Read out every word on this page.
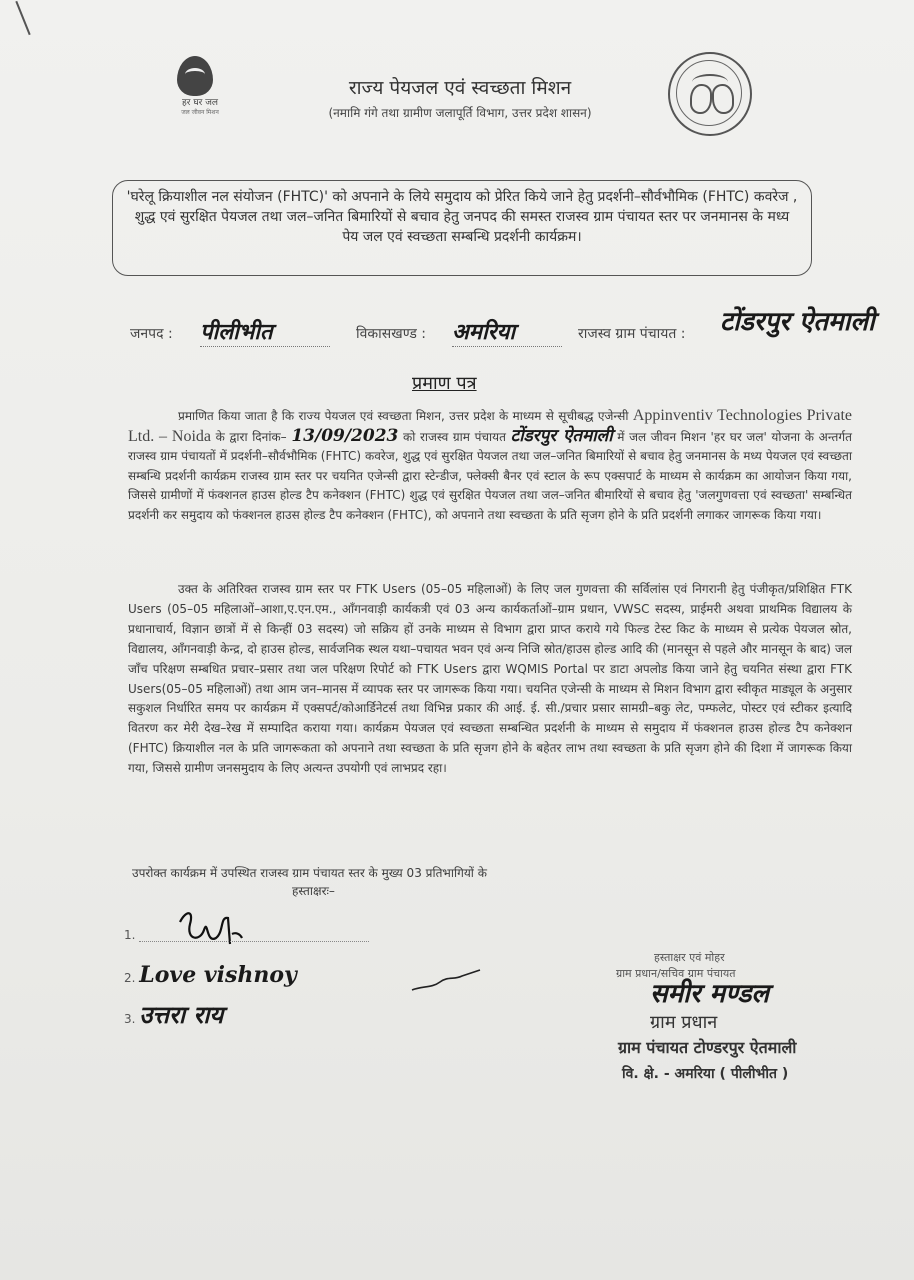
हर घर जल
जल जीवन मिशन
राज्य पेयजल एवं स्वच्छता मिशन
(नमामि गंगे तथा ग्रामीण जलापूर्ति विभाग, उत्तर प्रदेश शासन)
'घरेलू क्रियाशील नल संयोजन (FHTC)' को अपनाने के लिये समुदाय को प्रेरित किये जाने हेतु प्रदर्शनी–सौर्वभौमिक (FHTC) कवरेज , शुद्ध एवं सुरक्षित पेयजल तथा जल–जनित बिमारियों से बचाव हेतु जनपद की समस्त राजस्व ग्राम पंचायत स्तर पर जनमानस के मध्य पेय जल एवं स्वच्छता सम्बन्धि प्रदर्शनी कार्यक्रम।
जनपद : पीलीभीत	विकासखण्ड : अमरिया	राजस्व ग्राम पंचायत : टोंडरपुर ऐतमाली
प्रमाण पत्र
प्रमाणित किया जाता है कि राज्य पेयजल एवं स्वच्छता मिशन, उत्तर प्रदेश के माध्यम से सूचीबद्ध एजेन्सी Appinventiv Technologies Private Ltd. – Noida के द्वारा दिनांक– 13/09/2023 को राजस्व ग्राम पंचायत टोंडरपुर ऐतमाली में जल जीवन मिशन 'हर घर जल' योजना के अन्तर्गत राजस्व ग्राम पंचायतों में प्रदर्शनी–सौर्वभौमिक (FHTC) कवरेज, शुद्ध एवं सुरक्षित पेयजल तथा जल–जनित बिमारियों से बचाव हेतु जनमानस के मध्य पेयजल एवं स्वच्छता सम्बन्धि प्रदर्शनी कार्यक्रम राजस्व ग्राम स्तर पर चयनित एजेन्सी द्वारा स्टेन्डीज, फ्लेक्सी बैनर एवं स्टाल के रूप एक्सपार्ट के माध्यम से कार्यक्रम का आयोजन किया गया, जिससे ग्रामीणों में फंक्शनल हाउस होल्ड टैप कनेक्शन (FHTC) शुद्ध एवं सुरक्षित पेयजल तथा जल–जनित बीमारियों से बचाव हेतु 'जलगुणवत्ता एवं स्वच्छता' सम्बन्धित प्रदर्शनी कर समुदाय को फंक्शनल हाउस होल्ड टैप कनेक्शन (FHTC), को अपनाने तथा स्वच्छता के प्रति सृजग होने के प्रति प्रदर्शनी लगाकर जागरूक किया गया।
उक्त के अतिरिक्त राजस्व ग्राम स्तर पर FTK Users (05–05 महिलाओं) के लिए जल गुणवत्ता की सर्विलांस एवं निगरानी हेतु पंजीकृत/प्रशिक्षित FTK Users (05–05 महिलाओं–आशा,ए.एन.एम., आँगनवाड़ी कार्यकत्री एवं 03 अन्य कार्यकर्ताओं–ग्राम प्रधान, VWSC सदस्य, प्राईमरी अथवा प्राथमिक विद्यालय के प्रधानाचार्य, विज्ञान छात्रों में से किन्हीं 03 सदस्य) जो सक्रिय हों उनके माध्यम से विभाग द्वारा प्राप्त कराये गये फिल्ड टेस्ट किट के माध्यम से प्रत्येक पेयजल स्रोत, विद्यालय, आँगनवाड़ी केन्द्र, दो हाउस होल्ड, सार्वजनिक स्थल यथा–पचायत भवन एवं अन्य निजि स्रोत/हाउस होल्ड आदि की (मानसून से पहले और मानसून के बाद) जल जाँच परिक्षण सम्बधित प्रचार–प्रसार तथा जल परिक्षण रिपोर्ट को FTK Users द्वारा WQMIS Portal पर डाटा अपलोड किया जाने हेतु चयनित संस्था द्वारा FTK Users(05–05 महिलाओं) तथा आम जन–मानस में व्यापक स्तर पर जागरूक किया गया। चयनित एजेन्सी के माध्यम से मिशन विभाग द्वारा स्वीकृत माड्यूल के अनुसार सकुशल निर्धारित समय पर कार्यक्रम में एक्सपर्ट/कोआर्डिनेटर्स तथा विभिन्न प्रकार की आई. ई. सी./प्रचार प्रसार सामग्री–बकु लेट, पम्फलेट, पोस्टर एवं स्टीकर इत्यादि वितरण कर मेरी देख–रेख में सम्पादित कराया गया। कार्यक्रम पेयजल एवं स्वच्छता सम्बन्धित प्रदर्शनी के माध्यम से समुदाय में फंक्शनल हाउस होल्ड टैप कनेक्शन (FHTC) क्रियाशील नल के प्रति जागरूकता को अपनाने तथा स्वच्छता के प्रति सृजग होने के बहेतर लाभ तथा स्वच्छता के प्रति सृजग होने की दिशा में जागरूक किया गया, जिससे ग्रामीण जनसमुदाय के लिए अत्यन्त उपयोगी एवं लाभप्रद रहा।
उपरोक्त कार्यक्रम में उपस्थित राजस्व ग्राम पंचायत स्तर के मुख्य 03 प्रतिभागियों के
हस्ताक्षरः–
1.
2. Love vishnoy
3. उत्तरा राय
हस्ताक्षर एवं मोहर
ग्राम प्रधान/सचिव ग्राम पंचायत
समीर मण्डल
ग्राम प्रधान
ग्राम पंचायत टोण्डरपुर ऐतमाली
वि. क्षे. - अमरिया ( पीलीभीत )
